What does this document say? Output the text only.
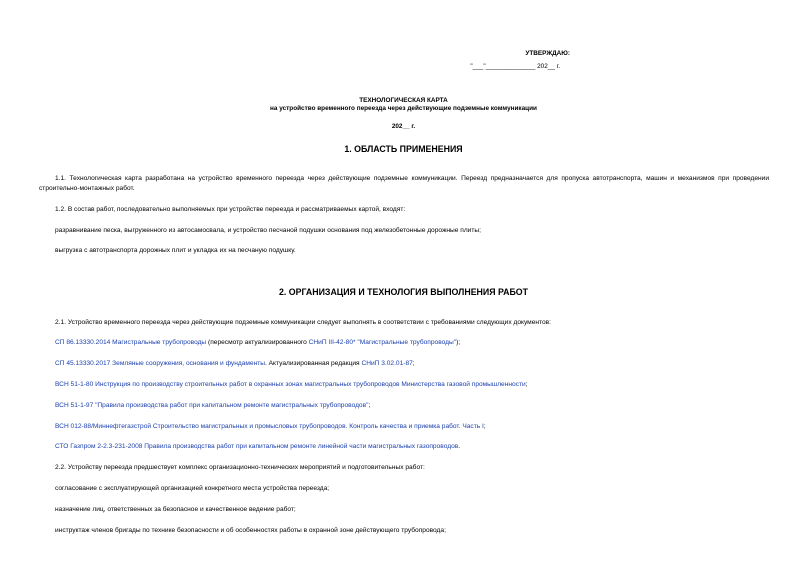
УТВЕРЖДАЮ:
"___"______________ 202__ г.
ТЕХНОЛОГИЧЕСКАЯ КАРТА
на устройство временного переезда через действующие подземные коммуникации
202__ г.
1. ОБЛАСТЬ ПРИМЕНЕНИЯ
1.1. Технологическая карта разработана на устройство временного переезда через действующие подземные коммуникации. Переезд предназначается для пропуска автотранспорта, машин и механизмов при проведении строительно-монтажных работ.
1.2. В состав работ, последовательно выполняемых при устройстве переезда и рассматриваемых картой, входят:
разравнивание песка, выгруженного из автосамосвала, и устройство песчаной подушки основания под железобетонные дорожные плиты;
выгрузка с автотранспорта дорожных плит и укладка их на песчаную подушку.
2. ОРГАНИЗАЦИЯ И ТЕХНОЛОГИЯ ВЫПОЛНЕНИЯ РАБОТ
2.1. Устройство временного переезда через действующие подземные коммуникации следует выполнять в соответствии с требованиями следующих документов:
СП 86.13330.2014 Магистральные трубопроводы (пересмотр актуализированного СНиП III-42-80* "Магистральные трубопроводы");
СП 45.13330.2017 Земляные сооружения, основания и фундаменты. Актуализированная редакция СНиП 3.02.01-87;
ВСН 51-1-80 Инструкция по производству строительных работ в охранных зонах магистральных трубопроводов Министерства газовой промышленности;
ВСН 51-1-97 "Правила производства работ при капитальном ремонте магистральных трубопроводов";
ВСН 012-88/Миннефтегазстрой Строительство магистральных и промысловых трубопроводов. Контроль качества и приемка работ. Часть I;
СТО Газпром 2-2.3-231-2008 Правила производства работ при капитальном ремонте линейной части магистральных газопроводов.
2.2. Устройству переезда предшествует комплекс организационно-технических мероприятий и подготовительных работ:
согласование с эксплуатирующей организацией конкретного места устройства переезда;
назначение лиц, ответственных за безопасное и качественное ведение работ;
инструктаж членов бригады по технике безопасности и об особенностях работы в охранной зоне действующего трубопровода;
